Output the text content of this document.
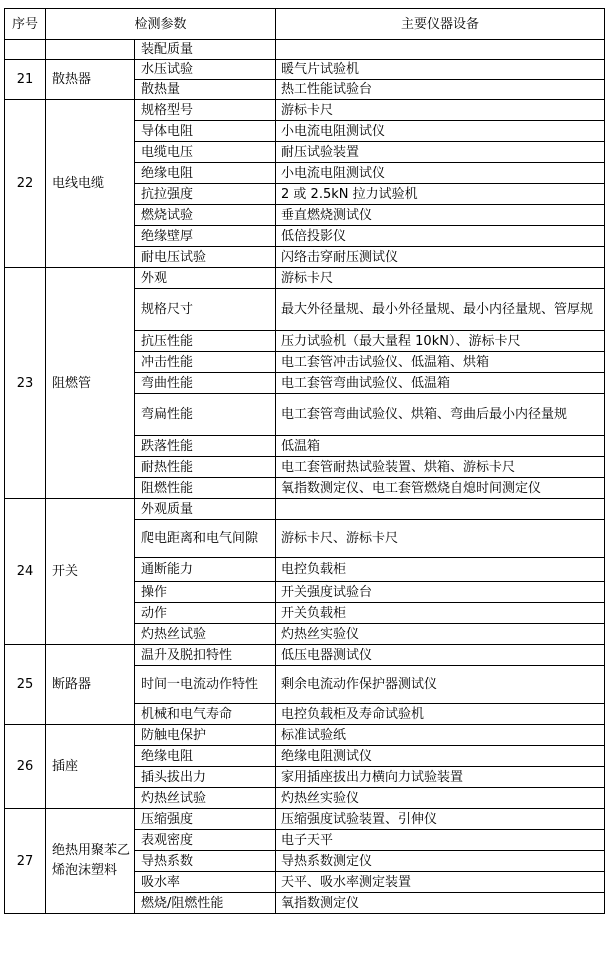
序号	检测参数		主要仪器设备
		装配质量	
21	散热器	水压试验	暖气片试验机
		散热量	热工性能试验台
22	电线电缆	规格型号	游标卡尺
		导体电阻	小电流电阻测试仪
		电缆电压	耐压试验装置
		绝缘电阻	小电流电阻测试仪
		抗拉强度	2 或 2.5kN 拉力试验机
		燃烧试验	垂直燃烧测试仪
		绝缘壁厚	低倍投影仪
		耐电压试验	闪络击穿耐压测试仪
23	阻燃管	外观	游标卡尺
		规格尺寸	最大外径量规、最小外径量规、最小内径量规、管厚规
		抗压性能	压力试验机（最大量程 10kN）、游标卡尺
		冲击性能	电工套管冲击试验仪、低温箱、烘箱
		弯曲性能	电工套管弯曲试验仪、低温箱
		弯扁性能	电工套管弯曲试验仪、烘箱、弯曲后最小内径量规
		跌落性能	低温箱
		耐热性能	电工套管耐热试验装置、烘箱、游标卡尺
		阻燃性能	氧指数测定仪、电工套管燃烧自熄时间测定仪
24	开关	外观质量	
		爬电距离和电气间隙	游标卡尺、游标卡尺
		通断能力	电控负载柜
		操作	开关强度试验台
		动作	开关负载柜
		灼热丝试验	灼热丝实验仪
25	断路器	温升及脱扣特性	低压电器测试仪
		时间一电流动作特性	剩余电流动作保护器测试仪
		机械和电气寿命	电控负载柜及寿命试验机
26	插座	防触电保护	标准试验纸
		绝缘电阻	绝缘电阻测试仪
		插头拔出力	家用插座拔出力横向力试验装置
		灼热丝试验	灼热丝实验仪
27	绝热用聚苯乙烯泡沫塑料	压缩强度	压缩强度试验装置、引伸仪
		表观密度	电子天平
		导热系数	导热系数测定仪
		吸水率	天平、吸水率测定装置
		燃烧/阻燃性能	氧指数测定仪
